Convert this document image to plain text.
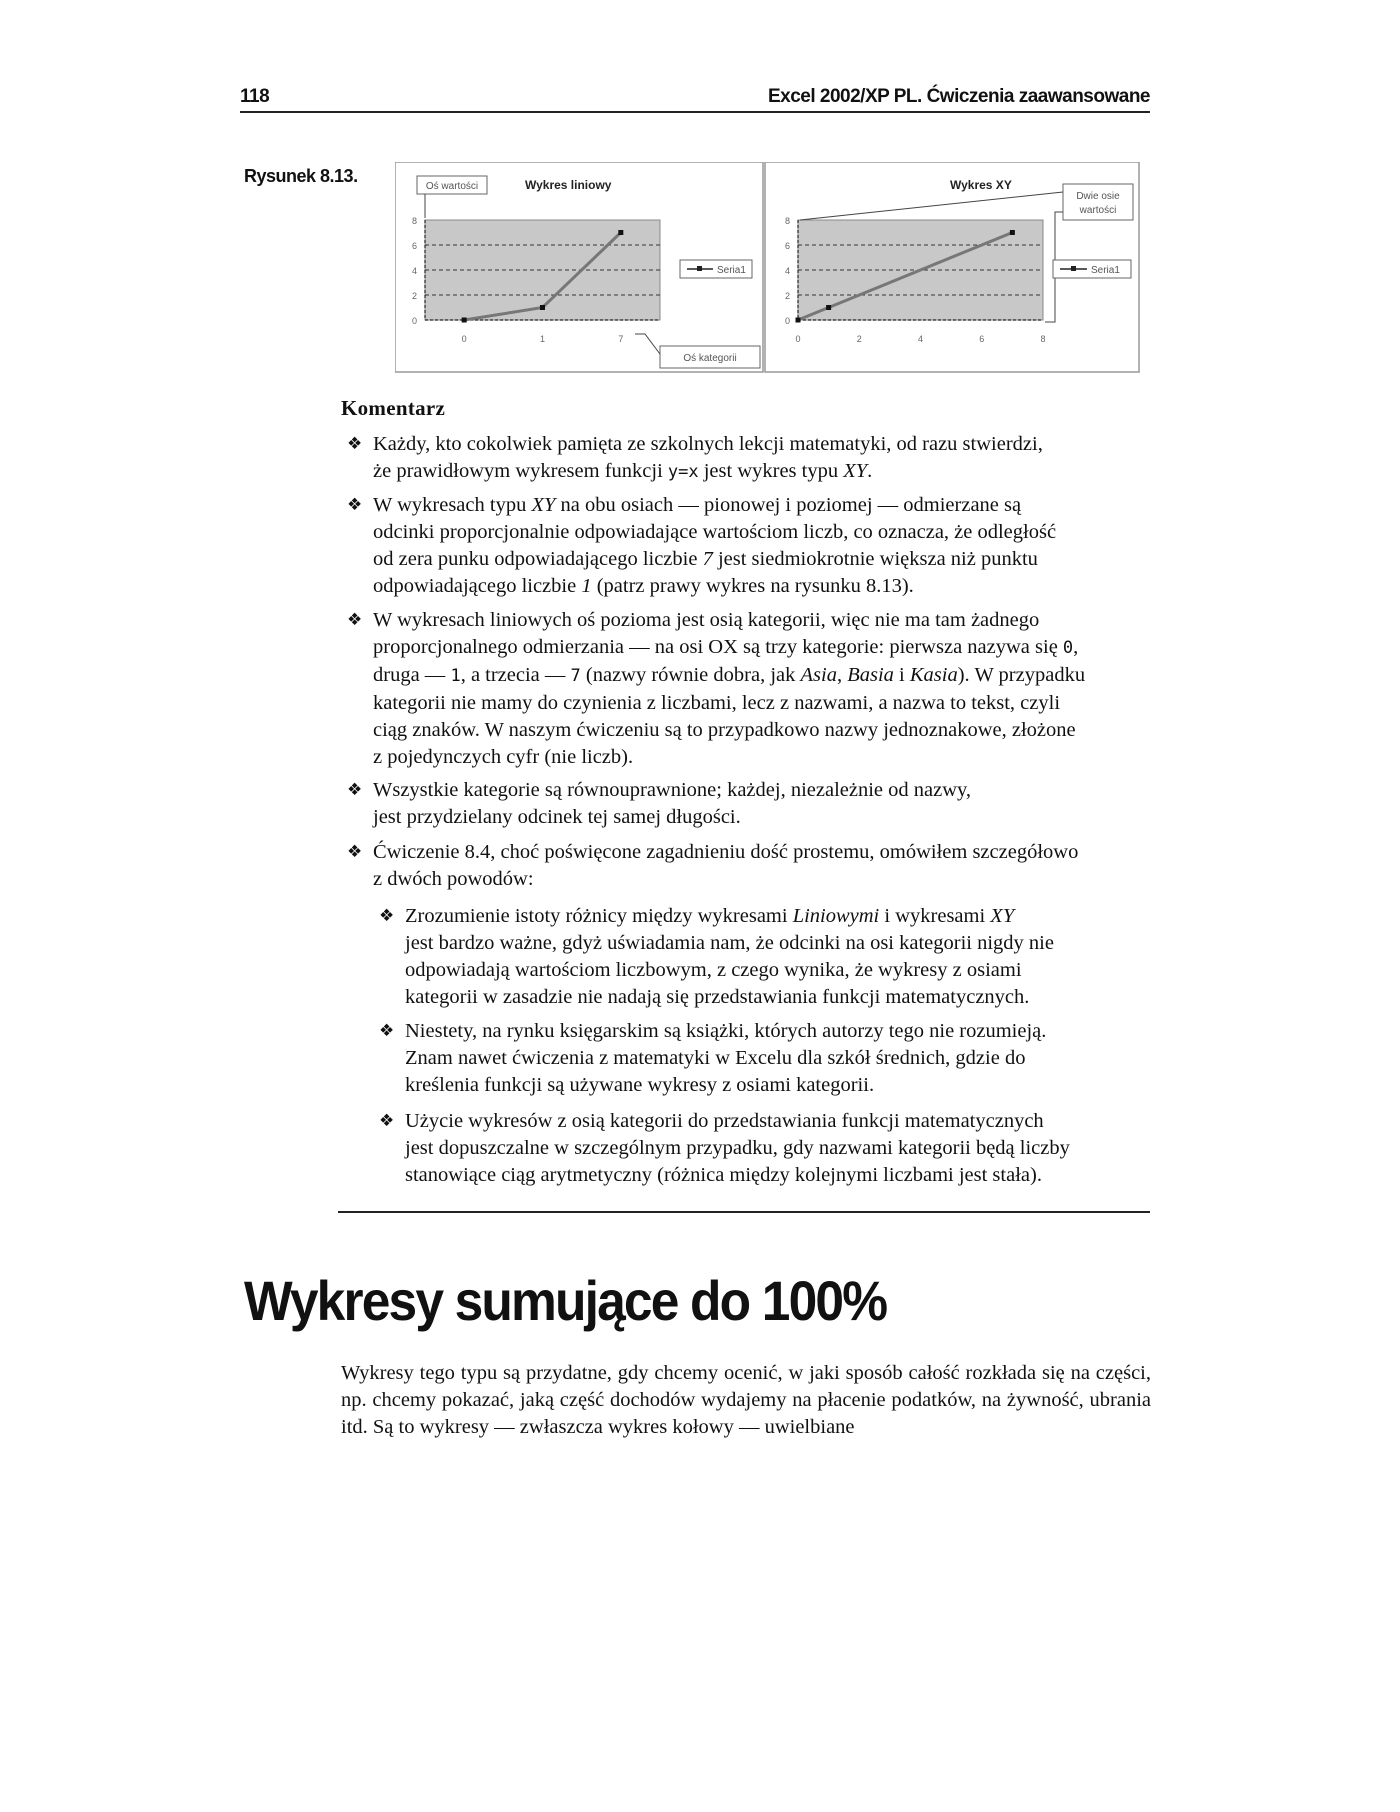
118	Excel 2002/XP PL. Ćwiczenia zaawansowane
Rysunek 8.13.
0
2
4
6
8
0	1	7
Oś wartości	Wykres liniowy
Seria1
Oś kategorii
0
2
4
6
8
0	2	4	6	8
Wykres XY
Dwie osie
wartości
Seria1
Komentarz
❖ Każdy, kto cokolwiek pamięta ze szkolnych lekcji matematyki, od razu stwierdzi,
że prawidłowym wykresem funkcji y=x jest wykres typu XY.
❖ W wykresach typu XY na obu osiach — pionowej i poziomej — odmierzane są
odcinki proporcjonalnie odpowiadające wartościom liczb, co oznacza, że odległość
od zera punku odpowiadającego liczbie 7 jest siedmiokrotnie większa niż punktu
odpowiadającego liczbie 1 (patrz prawy wykres na rysunku 8.13).
❖ W wykresach liniowych oś pozioma jest osią kategorii, więc nie ma tam żadnego
proporcjonalnego odmierzania — na osi OX są trzy kategorie: pierwsza nazywa się 0,
druga — 1, a trzecia — 7 (nazwy równie dobra, jak Asia, Basia i Kasia). W przypadku
kategorii nie mamy do czynienia z liczbami, lecz z nazwami, a nazwa to tekst, czyli
ciąg znaków. W naszym ćwiczeniu są to przypadkowo nazwy jednoznakowe, złożone
z pojedynczych cyfr (nie liczb).
❖ Wszystkie kategorie są równouprawnione; każdej, niezależnie od nazwy,
jest przydzielany odcinek tej samej długości.
❖ Ćwiczenie 8.4, choć poświęcone zagadnieniu dość prostemu, omówiłem szczegółowo
z dwóch powodów:
❖ Zrozumienie istoty różnicy między wykresami Liniowymi i wykresami XY
jest bardzo ważne, gdyż uświadamia nam, że odcinki na osi kategorii nigdy nie
odpowiadają wartościom liczbowym, z czego wynika, że wykresy z osiami
kategorii w zasadzie nie nadają się przedstawiania funkcji matematycznych.
❖ Niestety, na rynku księgarskim są książki, których autorzy tego nie rozumieją.
Znam nawet ćwiczenia z matematyki w Excelu dla szkół średnich, gdzie do
kreślenia funkcji są używane wykresy z osiami kategorii.
❖ Użycie wykresów z osią kategorii do przedstawiania funkcji matematycznych
jest dopuszczalne w szczególnym przypadku, gdy nazwami kategorii będą liczby
stanowiące ciąg arytmetyczny (różnica między kolejnymi liczbami jest stała).
Wykresy sumujące do 100%
Wykresy tego typu są przydatne, gdy chcemy ocenić, w jaki sposób całość rozkłada się na części, np. chcemy pokazać, jaką część dochodów wydajemy na płacenie podatków, na żywność, ubrania itd. Są to wykresy — zwłaszcza wykres kołowy — uwielbiane
